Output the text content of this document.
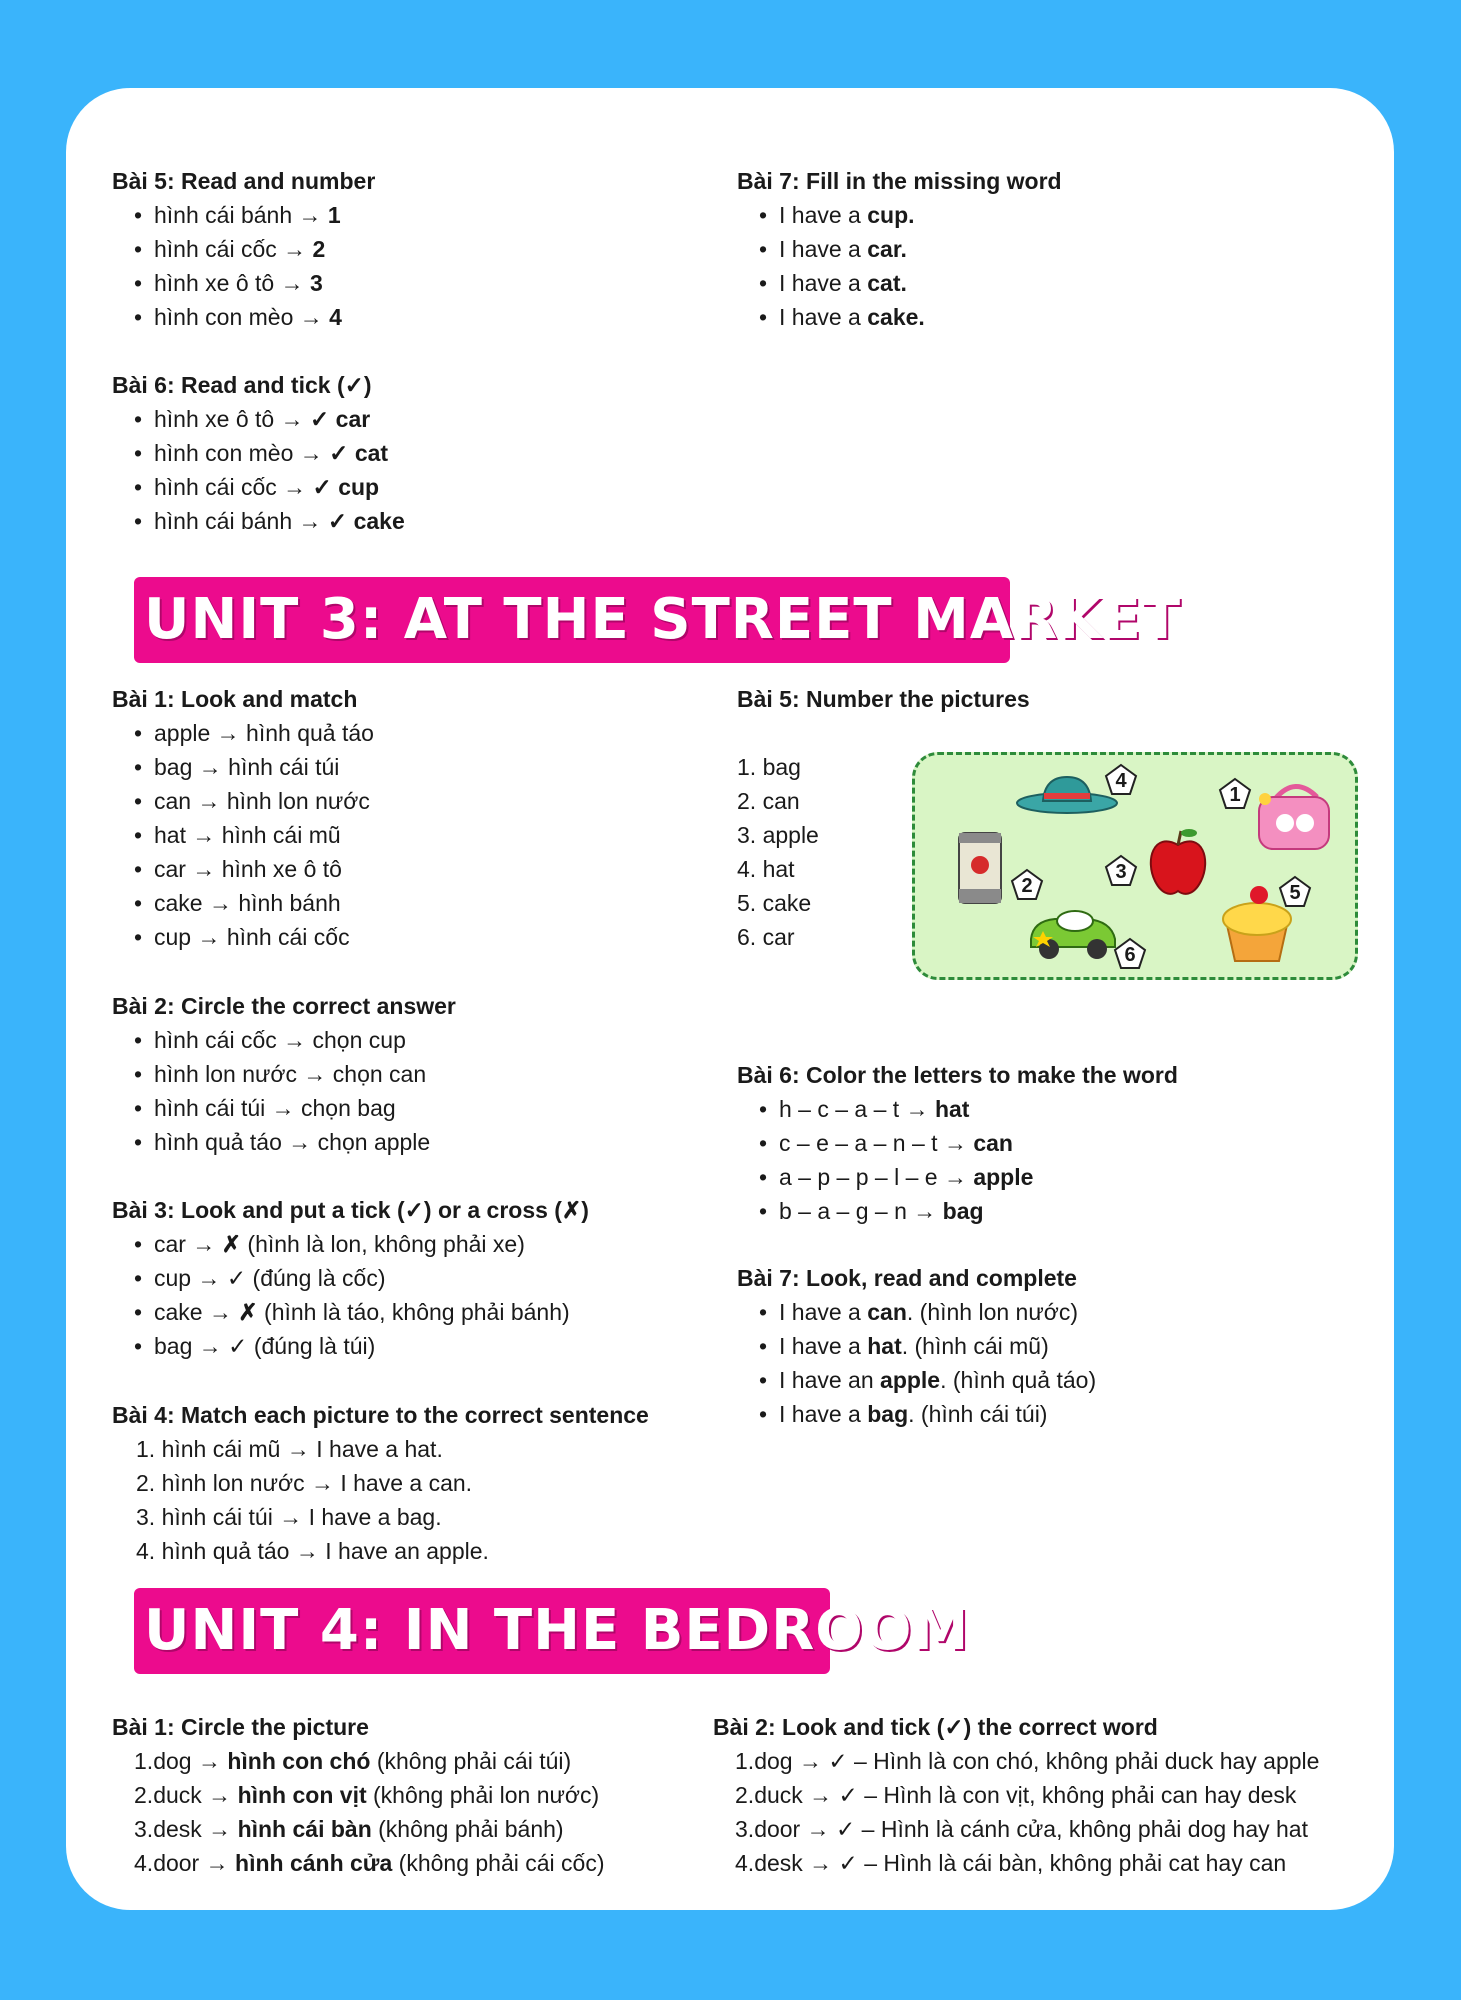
Bài 5: Read and number

• hình cái bánh → 1
• hình cái cốc → 2
• hình xe ô tô → 3
• hình con mèo → 4

Bài 6: Read and tick (✓)

• hình xe ô tô → ✓ car
• hình con mèo → ✓ cat
• hình cái cốc → ✓ cup
• hình cái bánh → ✓ cake

Bài 7: Fill in the missing word

• I have a cup.
• I have a car.
• I have a cat.
• I have a cake.
UNIT 3: AT THE STREET MARKET

Bài 1: Look and match

• apple → hình quả táo
• bag → hình cái túi
• can → hình lon nước
• hat → hình cái mũ
• car → hình xe ô tô
• cake → hình bánh
• cup → hình cái cốc

Bài 2: Circle the correct answer

• hình cái cốc → chọn cup
• hình lon nước → chọn can
• hình cái túi → chọn bag
• hình quả táo → chọn apple

Bài 3: Look and put a tick (✓) or a cross (✗)

• car → ✗ (hình là lon, không phải xe)
• cup → ✓ (đúng là cốc)
• cake → ✗ (hình là táo, không phải bánh)
• bag → ✓ (đúng là túi)

Bài 4: Match each picture to the correct sentence

1. hình cái mũ → I have a hat.
2. hình lon nước → I have a can.
3. hình cái túi → I have a bag.
4. hình quả táo → I have an apple.

Bài 5: Number the pictures

1. bag
2. can
3. apple
4. hat
5. cake
6. car
4
1
2
3
5
6

Bài 6: Color the letters to make the word

• h – c – a – t → hat
• c – e – a – n – t → can
• a – p – p – l – e → apple
• b – a – g – n → bag

Bài 7: Look, read and complete

• I have a can. (hình lon nước)
• I have a hat. (hình cái mũ)
• I have an apple. (hình quả táo)
• I have a bag. (hình cái túi)
UNIT 4: IN THE BEDROOM

Bài 1: Circle the picture

1.dog → hình con chó (không phải cái túi)
2.duck → hình con vịt (không phải lon nước)
3.desk → hình cái bàn (không phải bánh)
4.door → hình cánh cửa (không phải cái cốc)

Bài 2: Look and tick (✓) the correct word

1.dog → ✓ – Hình là con chó, không phải duck hay apple
2.duck → ✓ – Hình là con vịt, không phải can hay desk
3.door → ✓ – Hình là cánh cửa, không phải dog hay hat
4.desk → ✓ – Hình là cái bàn, không phải cat hay can
